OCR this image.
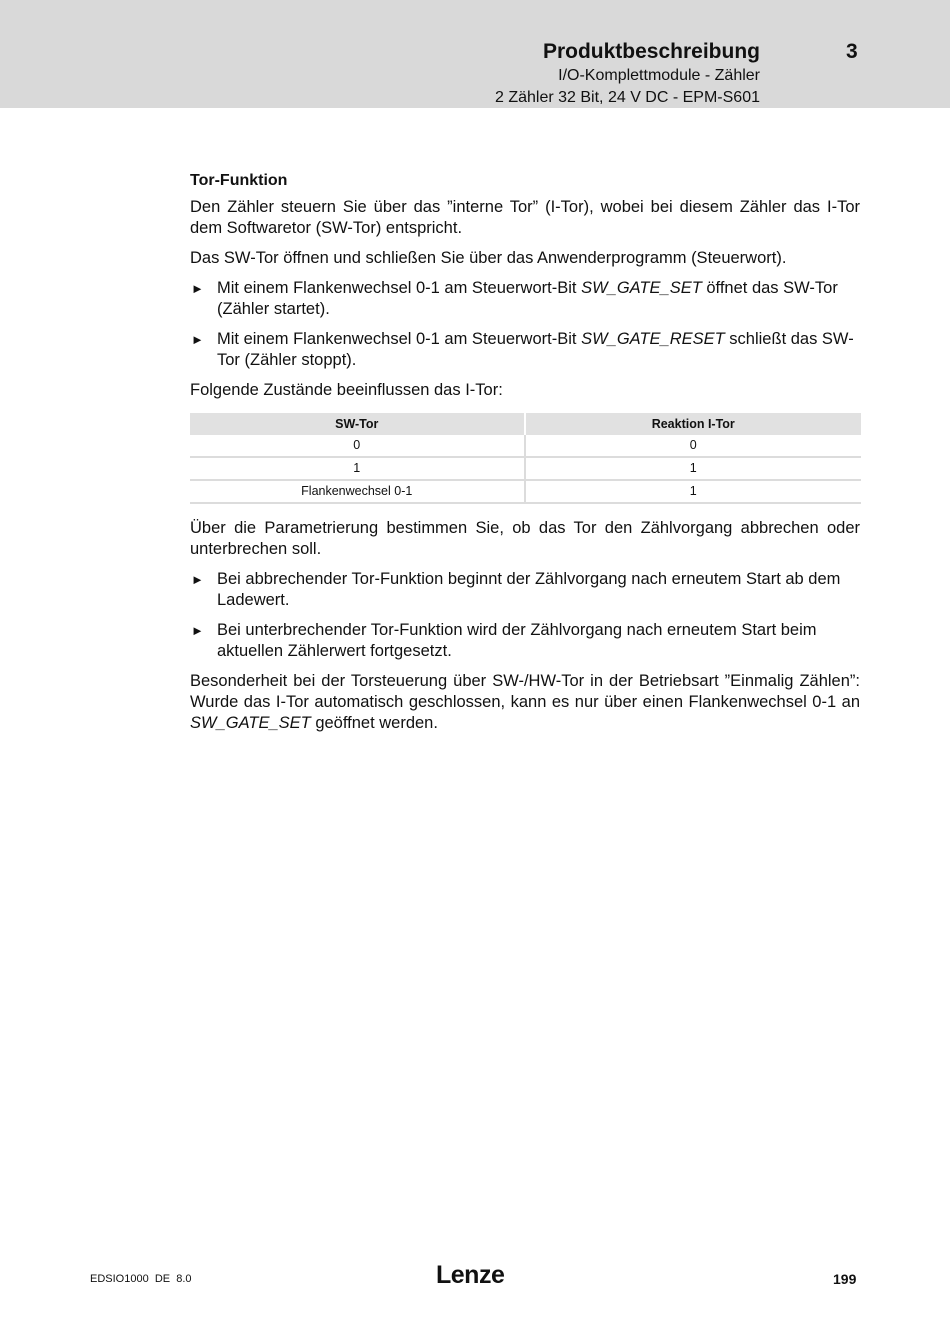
Produktbeschreibung	3
I/O-Komplettmodule - Zähler
2 Zähler 32 Bit, 24 V DC - EPM-S601
Tor-Funktion

Den Zähler steuern Sie über das ”interne Tor” (I-Tor), wobei bei diesem Zähler das I-Tor dem Softwaretor (SW-Tor) entspricht.

Das SW-Tor öffnen und schließen Sie über das Anwenderprogramm (Steuerwort).

► Mit einem Flankenwechsel 0-1 am Steuerwort-Bit SW_GATE_SET öffnet das SW-Tor (Zähler startet).
► Mit einem Flankenwechsel 0-1 am Steuerwort-Bit SW_GATE_RESET schließt das SW-Tor (Zähler stoppt).

Folgende Zustände beeinflussen das I-Tor:

SW-Tor	Reaktion I-Tor
0	0
1	1
Flankenwechsel 0-1	1

Über die Parametrierung bestimmen Sie, ob das Tor den Zählvorgang abbrechen oder unterbrechen soll.

► Bei abbrechender Tor-Funktion beginnt der Zählvorgang nach erneutem Start ab dem Ladewert.
► Bei unterbrechender Tor-Funktion wird der Zählvorgang nach erneutem Start beim aktuellen Zählerwert fortgesetzt.

Besonderheit bei der Torsteuerung über SW-/HW-Tor in der Betriebsart ”Einmalig Zählen”: Wurde das I-Tor automatisch geschlossen, kann es nur über einen Flankenwechsel 0-1 an SW_GATE_SET geöffnet werden.

EDSIO1000  DE  8.0	Lenze	199
